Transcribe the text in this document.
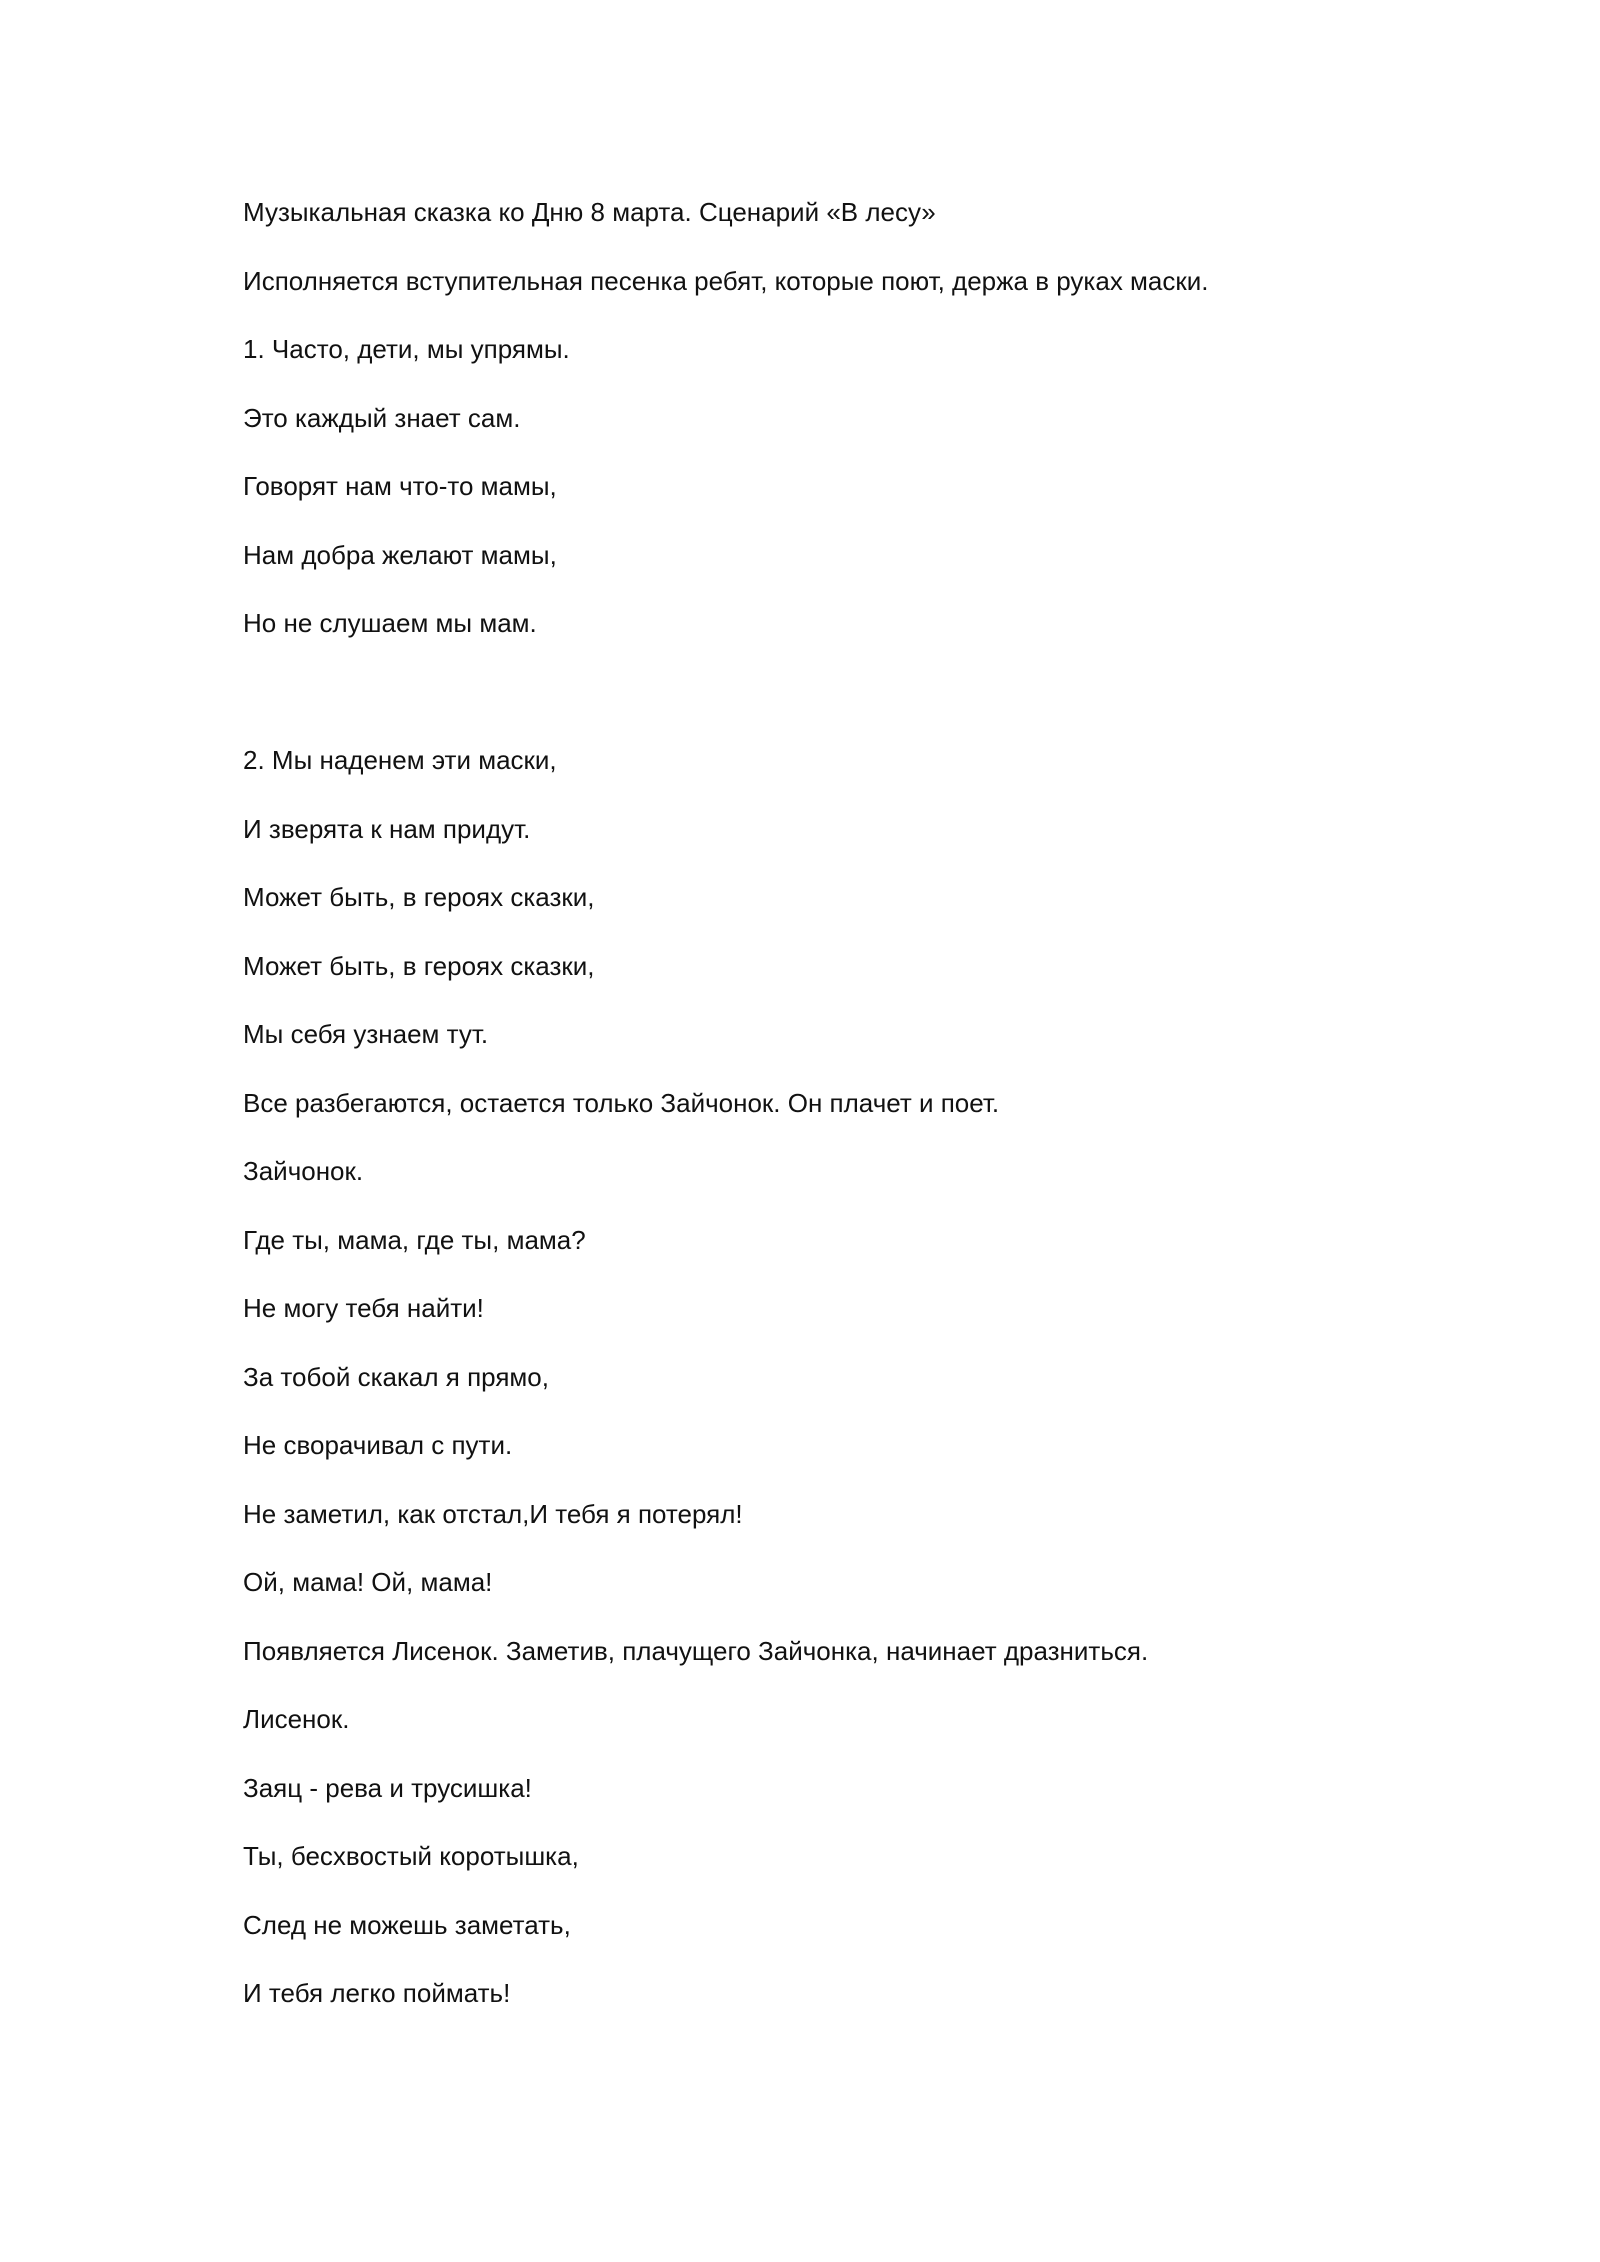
Музыкальная сказка ко Дню 8 марта. Сценарий «В лесу»
Исполняется вступительная песенка ребят, которые поют, держа в руках маски.
1. Часто, дети, мы упрямы.
Это каждый знает сам.
Говорят нам что-то мамы,
Нам добра желают мамы,
Но не слушаем мы мам.
2. Мы наденем эти маски,
И зверята к нам придут.
Может быть, в героях сказки,
Может быть, в героях сказки,
Мы себя узнаем тут.
Все разбегаются, остается только Зайчонок. Он плачет и поет.
Зайчонок.
Где ты, мама, где ты, мама?
Не могу тебя найти!
За тобой скакал я прямо,
Не сворачивал с пути.
Не заметил, как отстал,И тебя я потерял!
Ой, мама! Ой, мама!
Появляется Лисенок. Заметив, плачущего Зайчонка, начинает дразниться.
Лисенок.
Заяц - рева и трусишка!
Ты, бесхвостый коротышка,
След не можешь заметать,
И тебя легко поймать!
